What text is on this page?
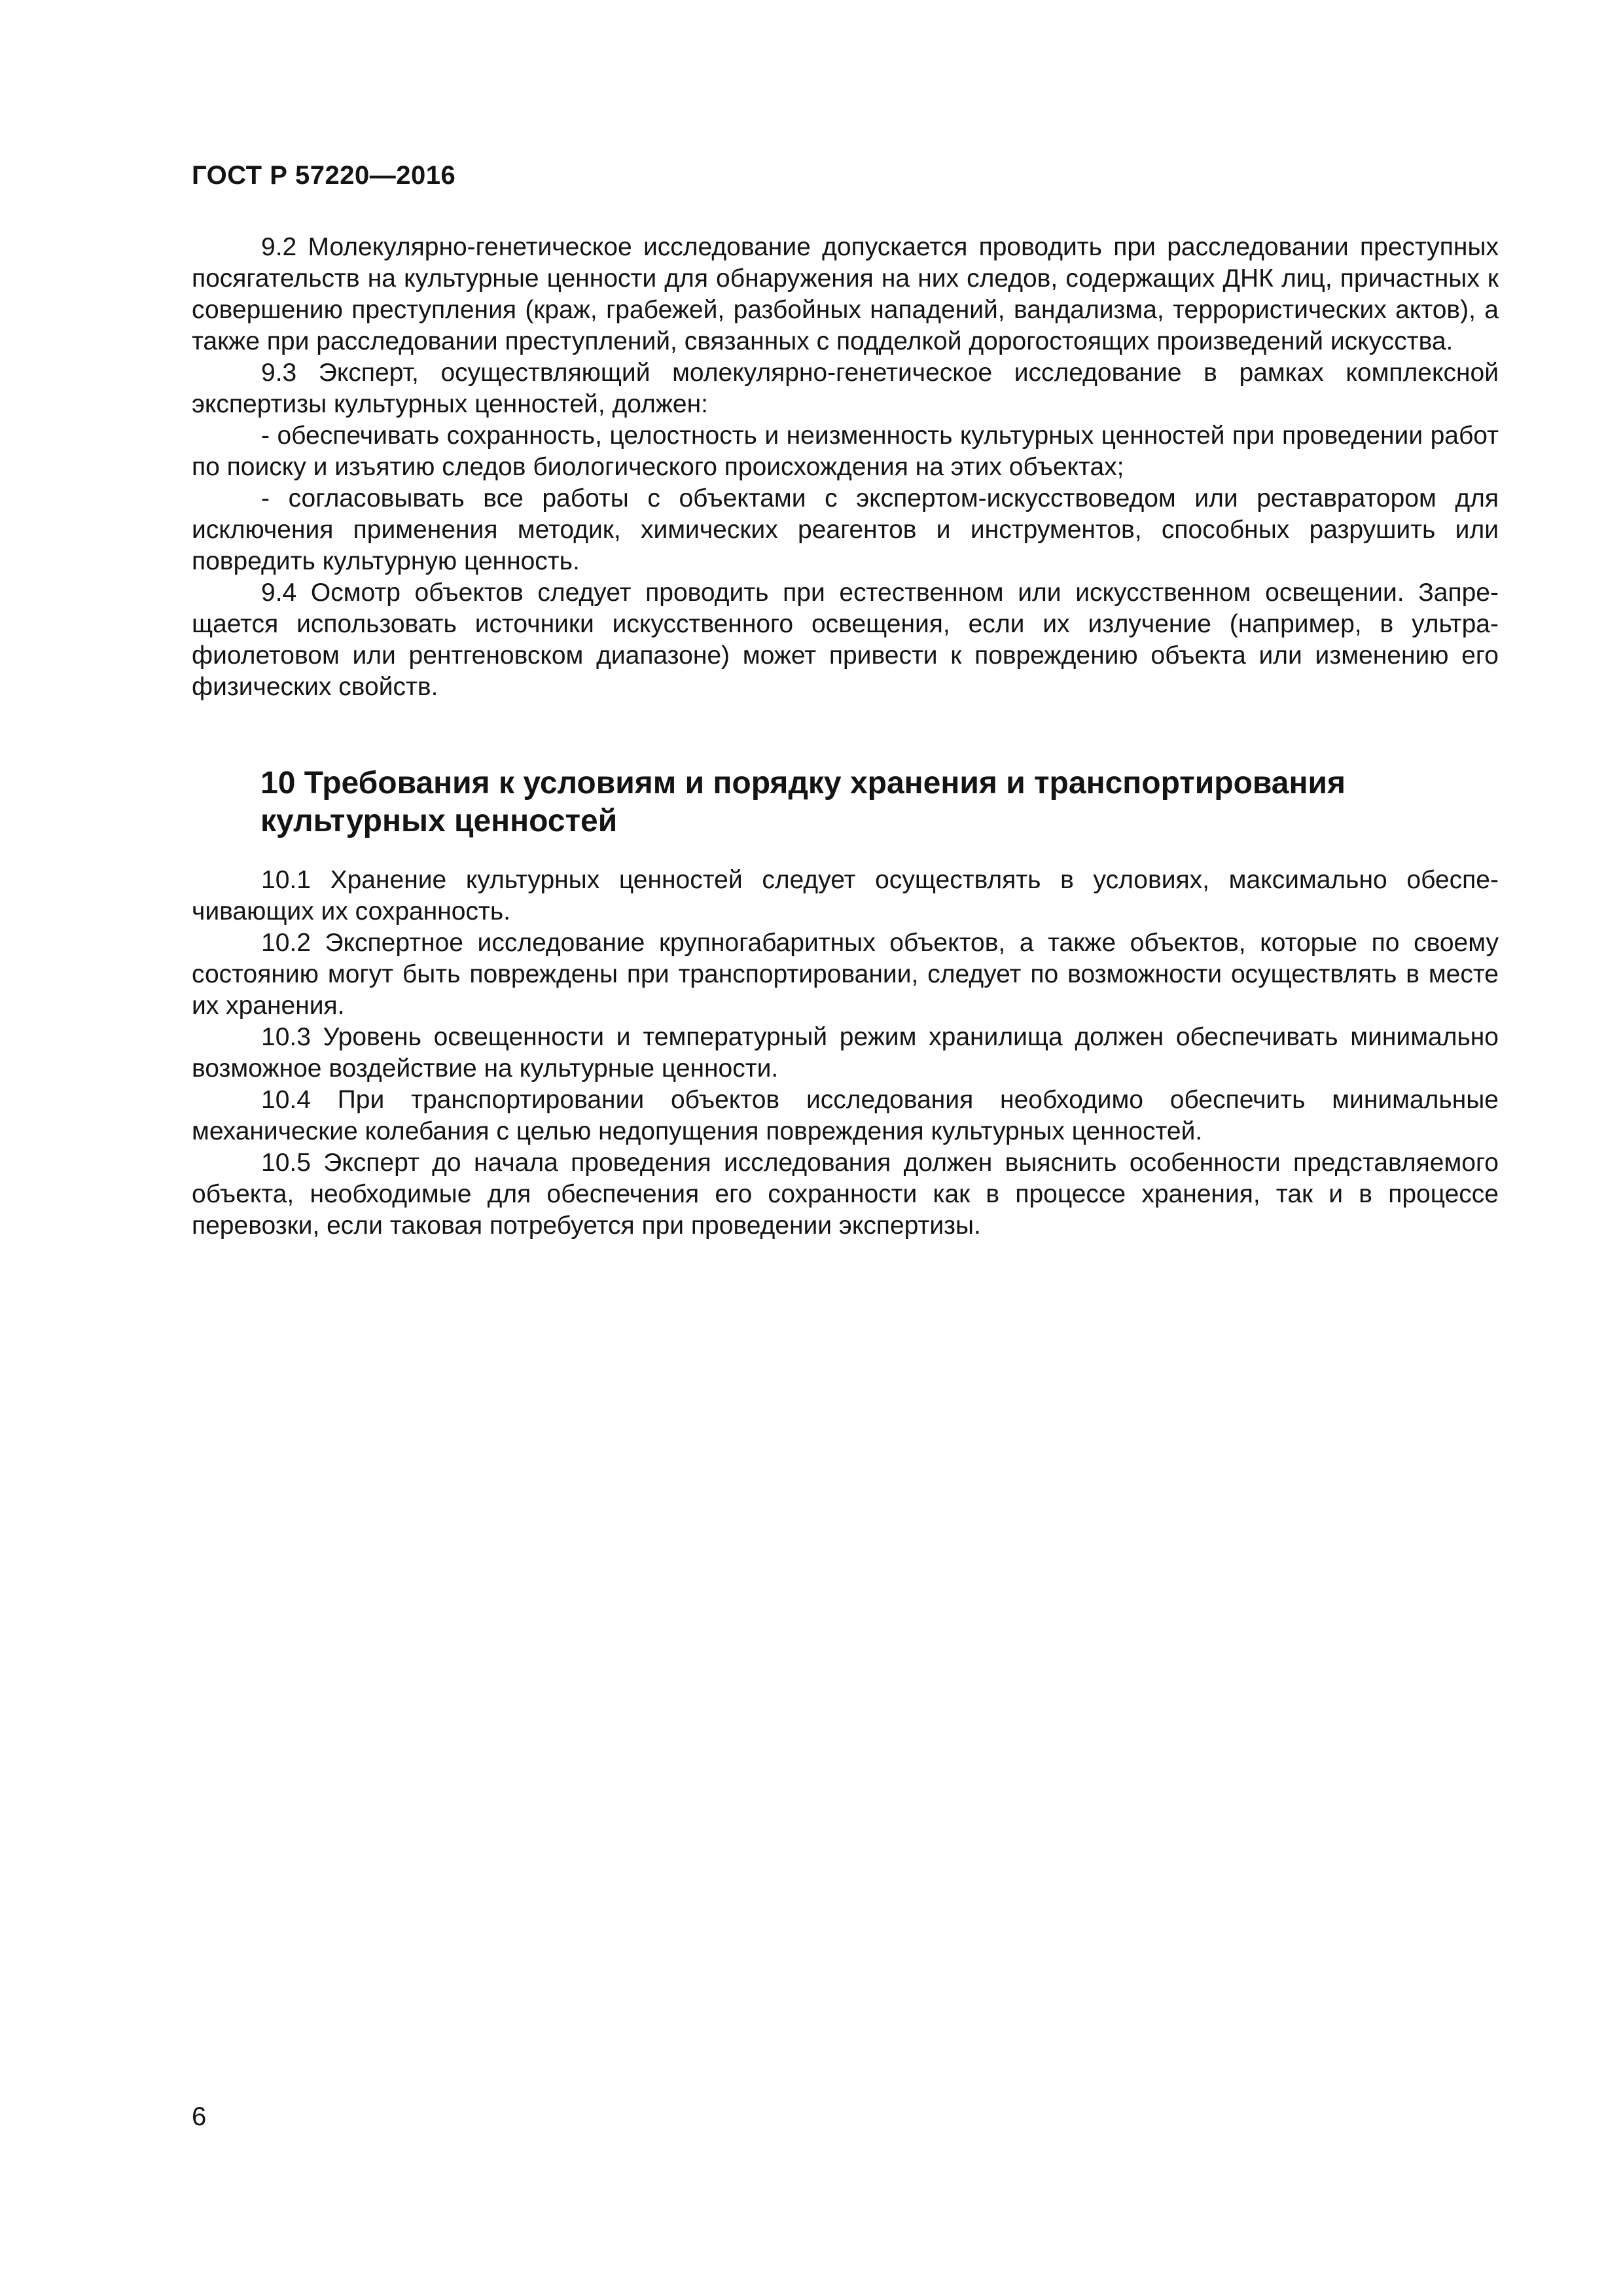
ГОСТ Р 57220—2016

9.2 Молекулярно-генетическое исследование допускается проводить при расследовании преступных посягательств на культурные ценности для обнаружения на них следов, содержащих ДНК лиц, причастных к совершению преступления (краж, грабежей, разбойных нападений, вандализма, террористических актов), а также при расследовании преступлений, связанных с подделкой дорогостоящих произведений искусства.

9.3 Эксперт, осуществляющий молекулярно-генетическое исследование в рамках комплексной экспертизы культурных ценностей, должен:

- обеспечивать сохранность, целостность и неизменность культурных ценностей при проведении работ по поиску и изъятию следов биологического происхождения на этих объектах;

- согласовывать все работы с объектами с экспертом-искусствоведом или реставратором для исключения применения методик, химических реагентов и инструментов, способных разрушить или повредить культурную ценность.

9.4 Осмотр объектов следует проводить при естественном или искусственном освещении. Запрещается использовать источники искусственного освещения, если их излучение (например, в ультрафиолетовом или рентгеновском диапазоне) может привести к повреждению объекта или изменению его физических свойств.

10 Требования к условиям и порядку хранения и транспортирования культурных ценностей

10.1 Хранение культурных ценностей следует осуществлять в условиях, максимально обеспечивающих их сохранность.

10.2 Экспертное исследование крупногабаритных объектов, а также объектов, которые по своему состоянию могут быть повреждены при транспортировании, следует по возможности осуществлять в месте их хранения.

10.3 Уровень освещенности и температурный режим хранилища должен обеспечивать минимально возможное воздействие на культурные ценности.

10.4 При транспортировании объектов исследования необходимо обеспечить минимальные механические колебания с целью недопущения повреждения культурных ценностей.

10.5 Эксперт до начала проведения исследования должен выяснить особенности представляемого объекта, необходимые для обеспечения его сохранности как в процессе хранения, так и в процессе перевозки, если таковая потребуется при проведении экспертизы.

6
